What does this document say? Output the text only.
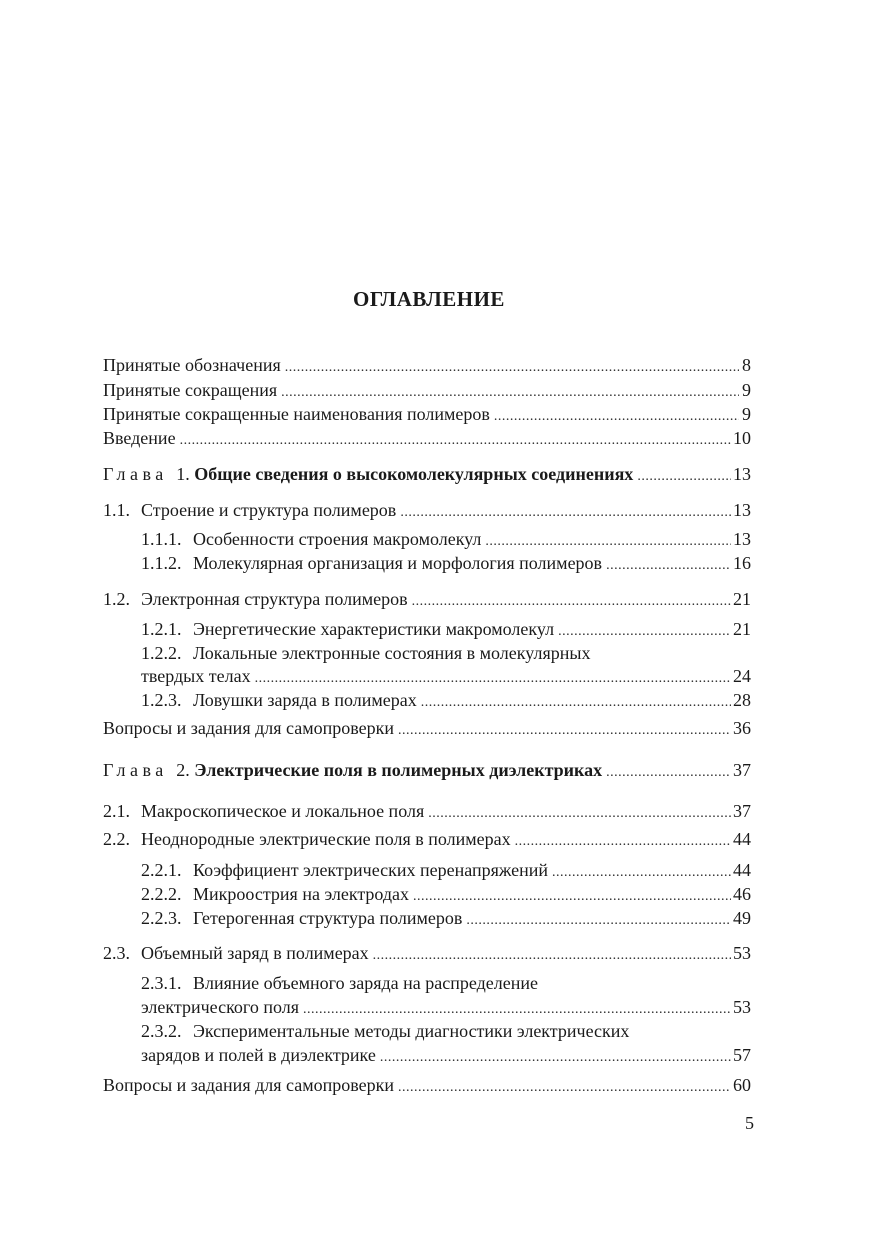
ОГЛАВЛЕНИЕ
Принятые обозначения .....	8
Принятые сокращения .....	9
Принятые сокращенные наименования полимеров .....	9
Введение .....	10
Глава 1. Общие сведения о высокомолекулярных соединениях .....	13
1.1. Строение и структура полимеров .....	13
1.1.1. Особенности строения макромолекул .....	13
1.1.2. Молекулярная организация и морфология полимеров .....	16
1.2. Электронная структура полимеров .....	21
1.2.1. Энергетические характеристики макромолекул .....	21
1.2.2. Локальные электронные состояния в молекулярных
твердых телах .....	24
1.2.3. Ловушки заряда в полимерах .....	28
Вопросы и задания для самопроверки .....	36
Глава 2. Электрические поля в полимерных диэлектриках .....	37
2.1. Макроскопическое и локальное поля .....	37
2.2. Неоднородные электрические поля в полимерах .....	44
2.2.1. Коэффициент электрических перенапряжений .....	44
2.2.2. Микроострия на электродах .....	46
2.2.3. Гетерогенная структура полимеров .....	49
2.3. Объемный заряд в полимерах .....	53
2.3.1. Влияние объемного заряда на распределение
электрического поля .....	53
2.3.2. Экспериментальные методы диагностики электрических
зарядов и полей в диэлектрике .....	57
Вопросы и задания для самопроверки .....	60
5
